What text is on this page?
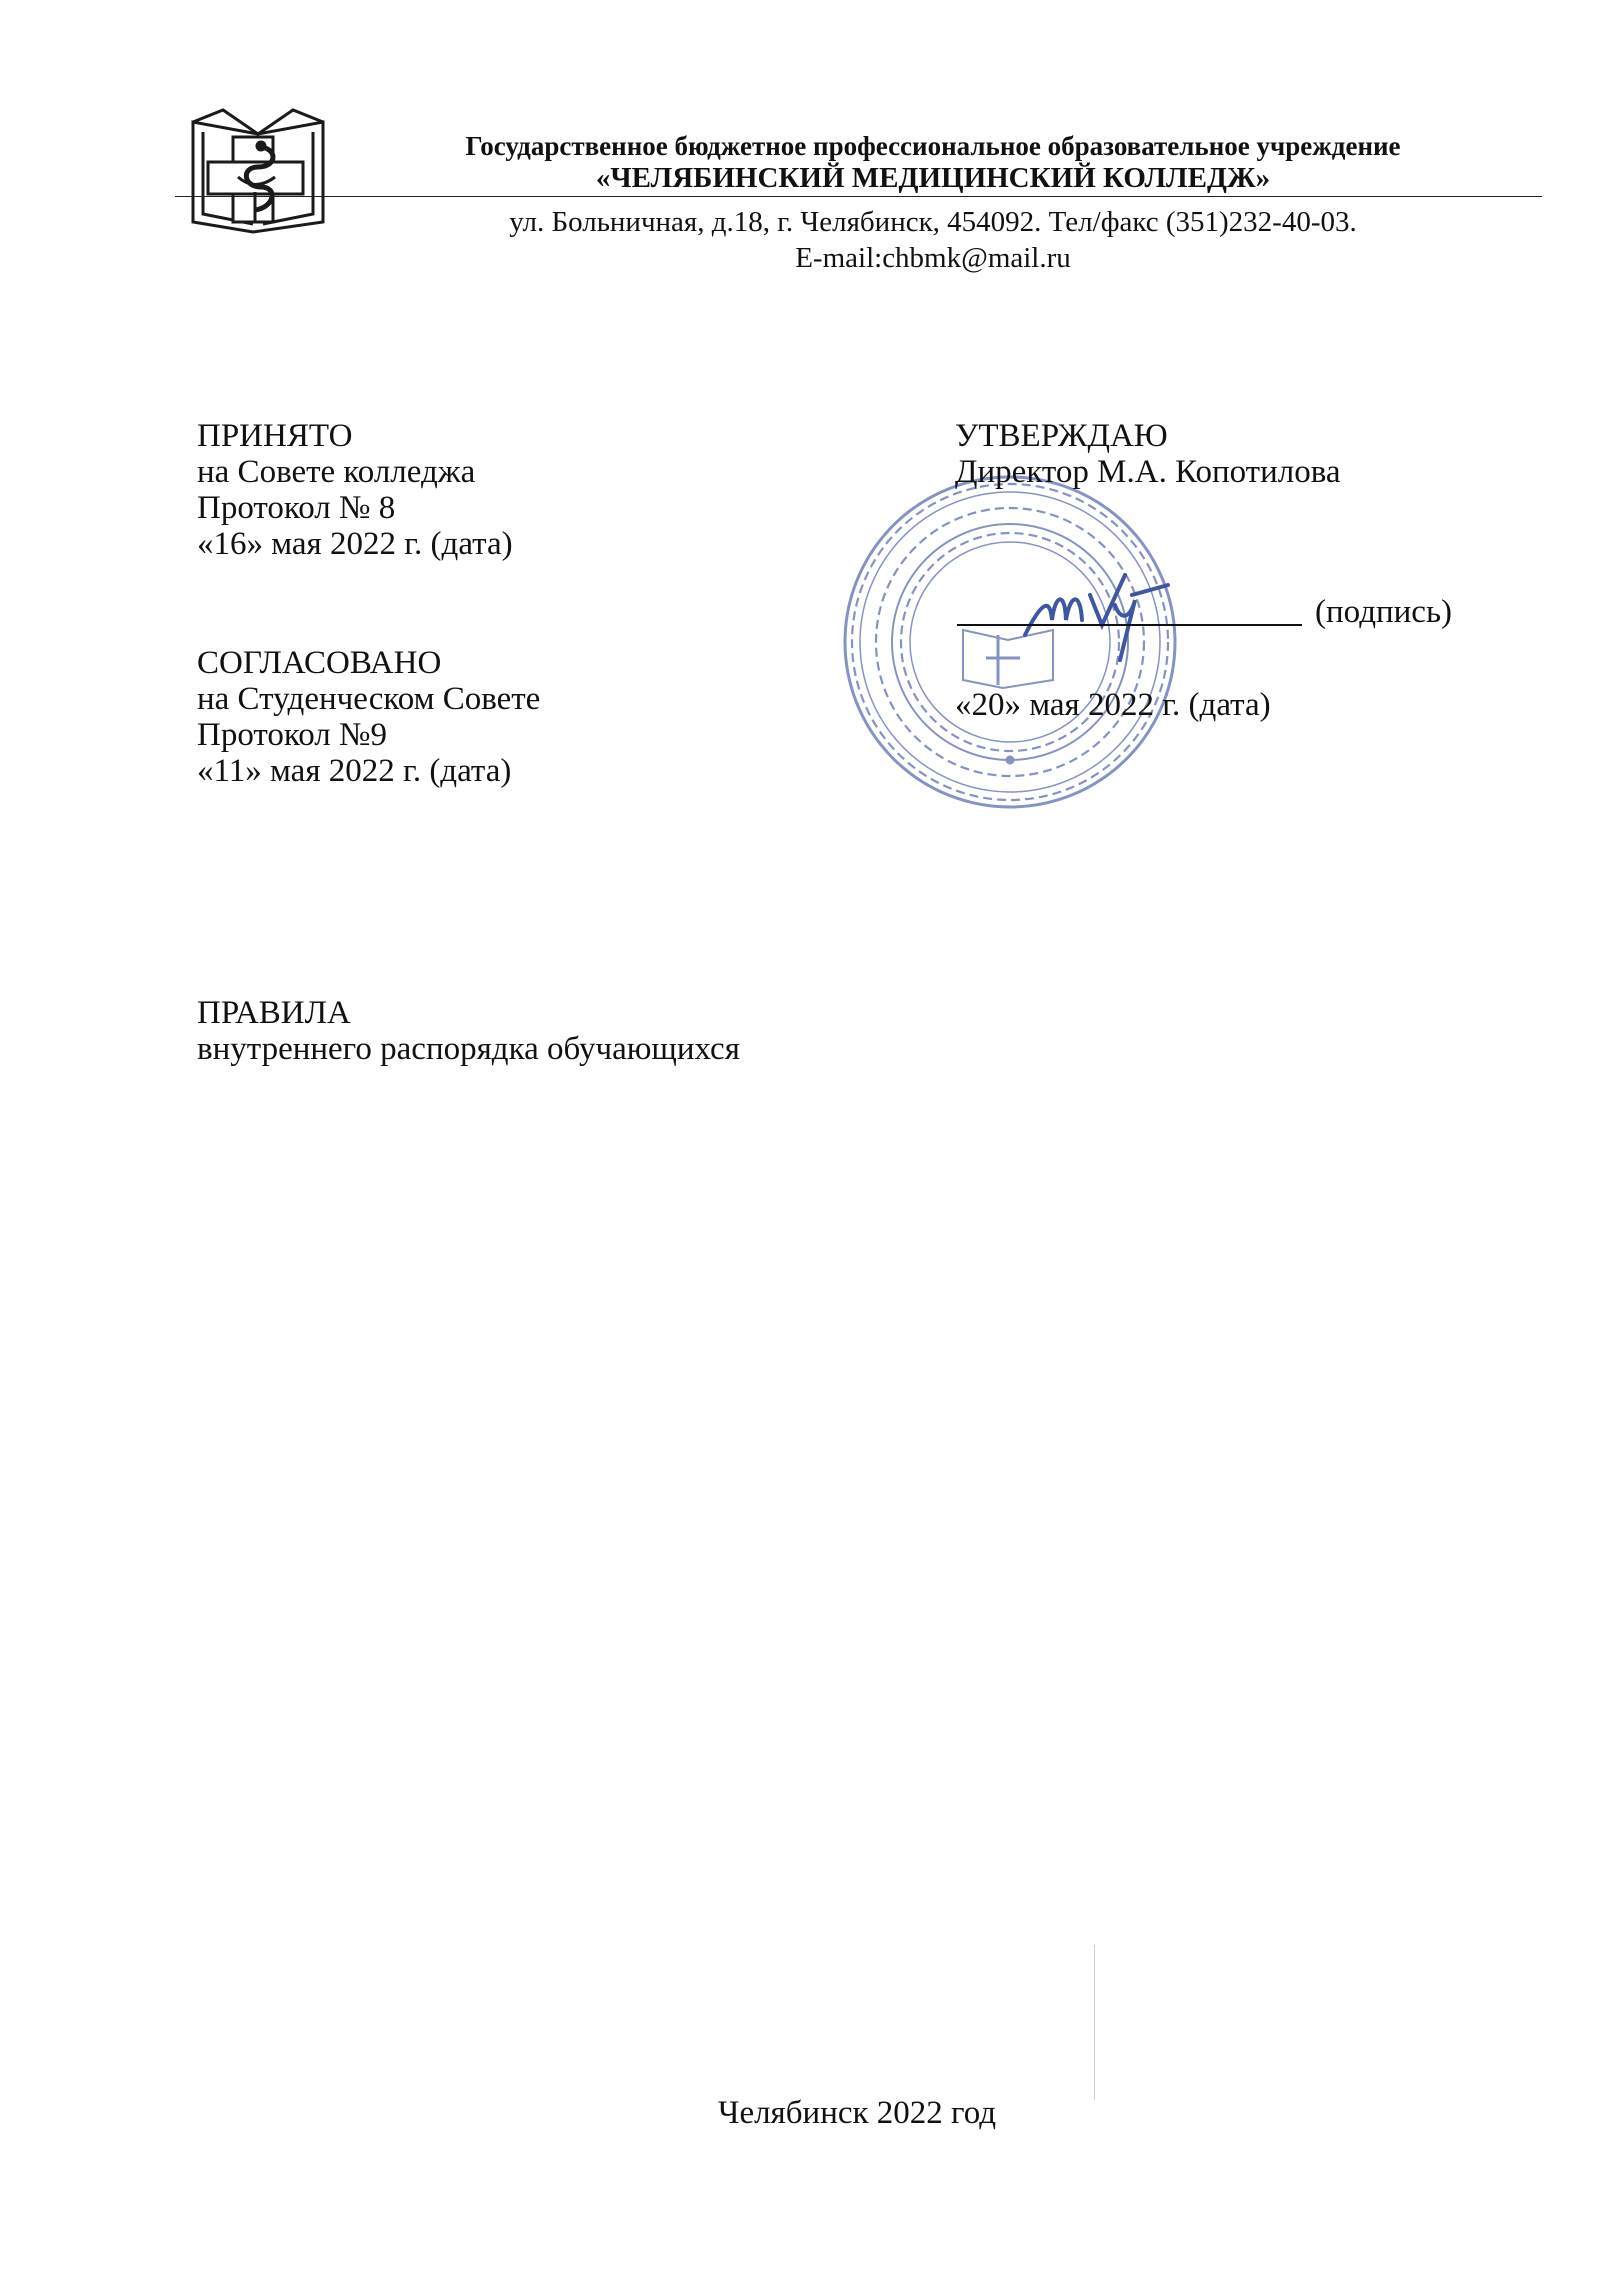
Государственное бюджетное профессиональное образовательное учреждение
«ЧЕЛЯБИНСКИЙ МЕДИЦИНСКИЙ КОЛЛЕДЖ»
ул. Больничная, д.18, г. Челябинск, 454092. Тел/факс (351)232-40-03.
E-mail:chbmk@mail.ru
ПРИНЯТО
на Совете колледжа
Протокол № 8
«16» мая 2022 г. (дата)
СОГЛАСОВАНО
на Студенческом Совете
Протокол №9
«11» мая 2022 г. (дата)
УТВЕРЖДАЮ
Директор М.А. Копотилова
(подпись)
«20» мая 2022 г. (дата)
ПРАВИЛА
внутреннего распорядка обучающихся
Челябинск 2022 год
